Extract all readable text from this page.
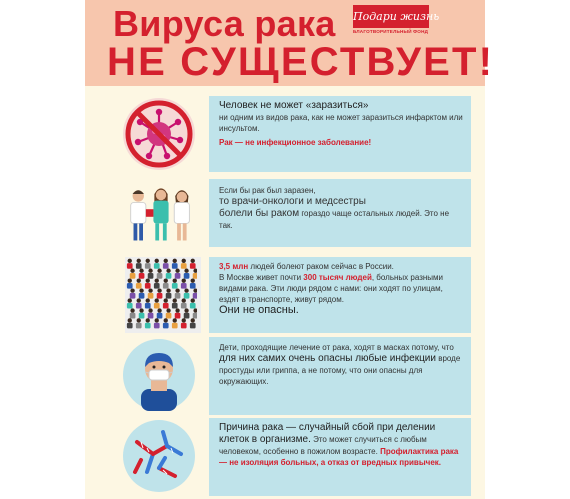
Вируса рака
НЕ СУЩЕСТВУЕТ!
Подари жизнь
БЛАГОТВОРИТЕЛЬНЫЙ ФОНД
Человек не может «заразиться»
ни одним из видов рака, как не может заразиться инфарктом или инсультом.
Рак — не инфекционное заболевание!
Если бы рак был заразен,
то врачи-онкологи и медсестры
болели бы раком гораздо чаще остальных людей. Это не так.
3,5 млн людей болеют раком сейчас в России.
В Москве живет почти 300 тысяч людей, больных разными видами рака. Эти люди рядом с нами: они ходят по улицам, ездят в транспорте, живут рядом.
Они не опасны.
Дети, проходящие лечение от рака, ходят в масках потому, что для них самих очень опасны любые инфекции вроде простуды или гриппа, а не потому, что они опасны для окружающих.
Причина рака — случайный сбой при делении клеток в организме. Это может случиться с любым человеком, особенно в пожилом возрасте. Профилактика рака — не изоляция больных, а отказ от вредных привычек.
